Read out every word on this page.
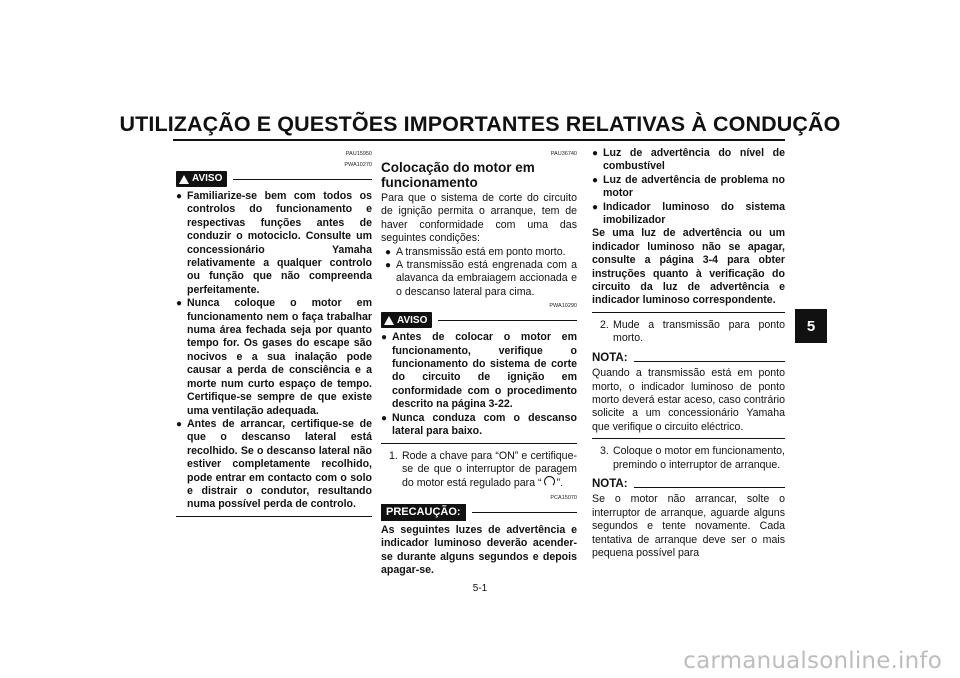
UTILIZAÇÃO E QUESTÕES IMPORTANTES RELATIVAS À CONDUÇÃO
5
PAU15950
PWA10270
AVISO
● Familiarize-se bem com todos os controlos do funcionamento e respectivas funções antes de conduzir o motociclo. Consulte um concessionário Yamaha relativamente a qualquer controlo ou função que não compreenda perfeitamente.
● Nunca coloque o motor em funcionamento nem o faça trabalhar numa área fechada seja por quanto tempo for. Os gases do escape são nocivos e a sua inalação pode causar a perda de consciência e a morte num curto espaço de tempo. Certifique-se sempre de que existe uma ventilação adequada.
● Antes de arrancar, certifique-se de que o descanso lateral está recolhido. Se o descanso lateral não estiver completamente recolhido, pode entrar em contacto com o solo e distrair o condutor, resultando numa possível perda de controlo.
PAU36740
Colocação do motor em funcionamento
Para que o sistema de corte do circuito de ignição permita o arranque, tem de haver conformidade com uma das seguintes condições:
● A transmissão está em ponto morto.
● A transmissão está engrenada com a alavanca da embraiagem accionada e o descanso lateral para cima.
PWA10290
AVISO
● Antes de colocar o motor em funcionamento, verifique o funcionamento do sistema de corte do circuito de ignição em conformidade com o procedimento descrito na página 3-22.
● Nunca conduza com o descanso lateral para baixo.
1. Rode a chave para “ON” e certifique-se de que o interruptor de paragem do motor está regulado para “ ”.
PCA15070
PRECAUÇÃO:
As seguintes luzes de advertência e indicador luminoso deverão acender-se durante alguns segundos e depois apagar-se.
● Luz de advertência do nível de combustível
● Luz de advertência de problema no motor
● Indicador luminoso do sistema imobilizador
Se uma luz de advertência ou um indicador luminoso não se apagar, consulte a página 3-4 para obter instruções quanto à verificação do circuito da luz de advertência e indicador luminoso correspondente.
2. Mude a transmissão para ponto morto.
NOTA:
Quando a transmissão está em ponto morto, o indicador luminoso de ponto morto deverá estar aceso, caso contrário solicite a um concessionário Yamaha que verifique o circuito eléctrico.
3. Coloque o motor em funcionamento, premindo o interruptor de arranque.
NOTA:
Se o motor não arrancar, solte o interruptor de arranque, aguarde alguns segundos e tente novamente. Cada tentativa de arranque deve ser o mais pequena possível para
5-1
carmanualsonline.info
